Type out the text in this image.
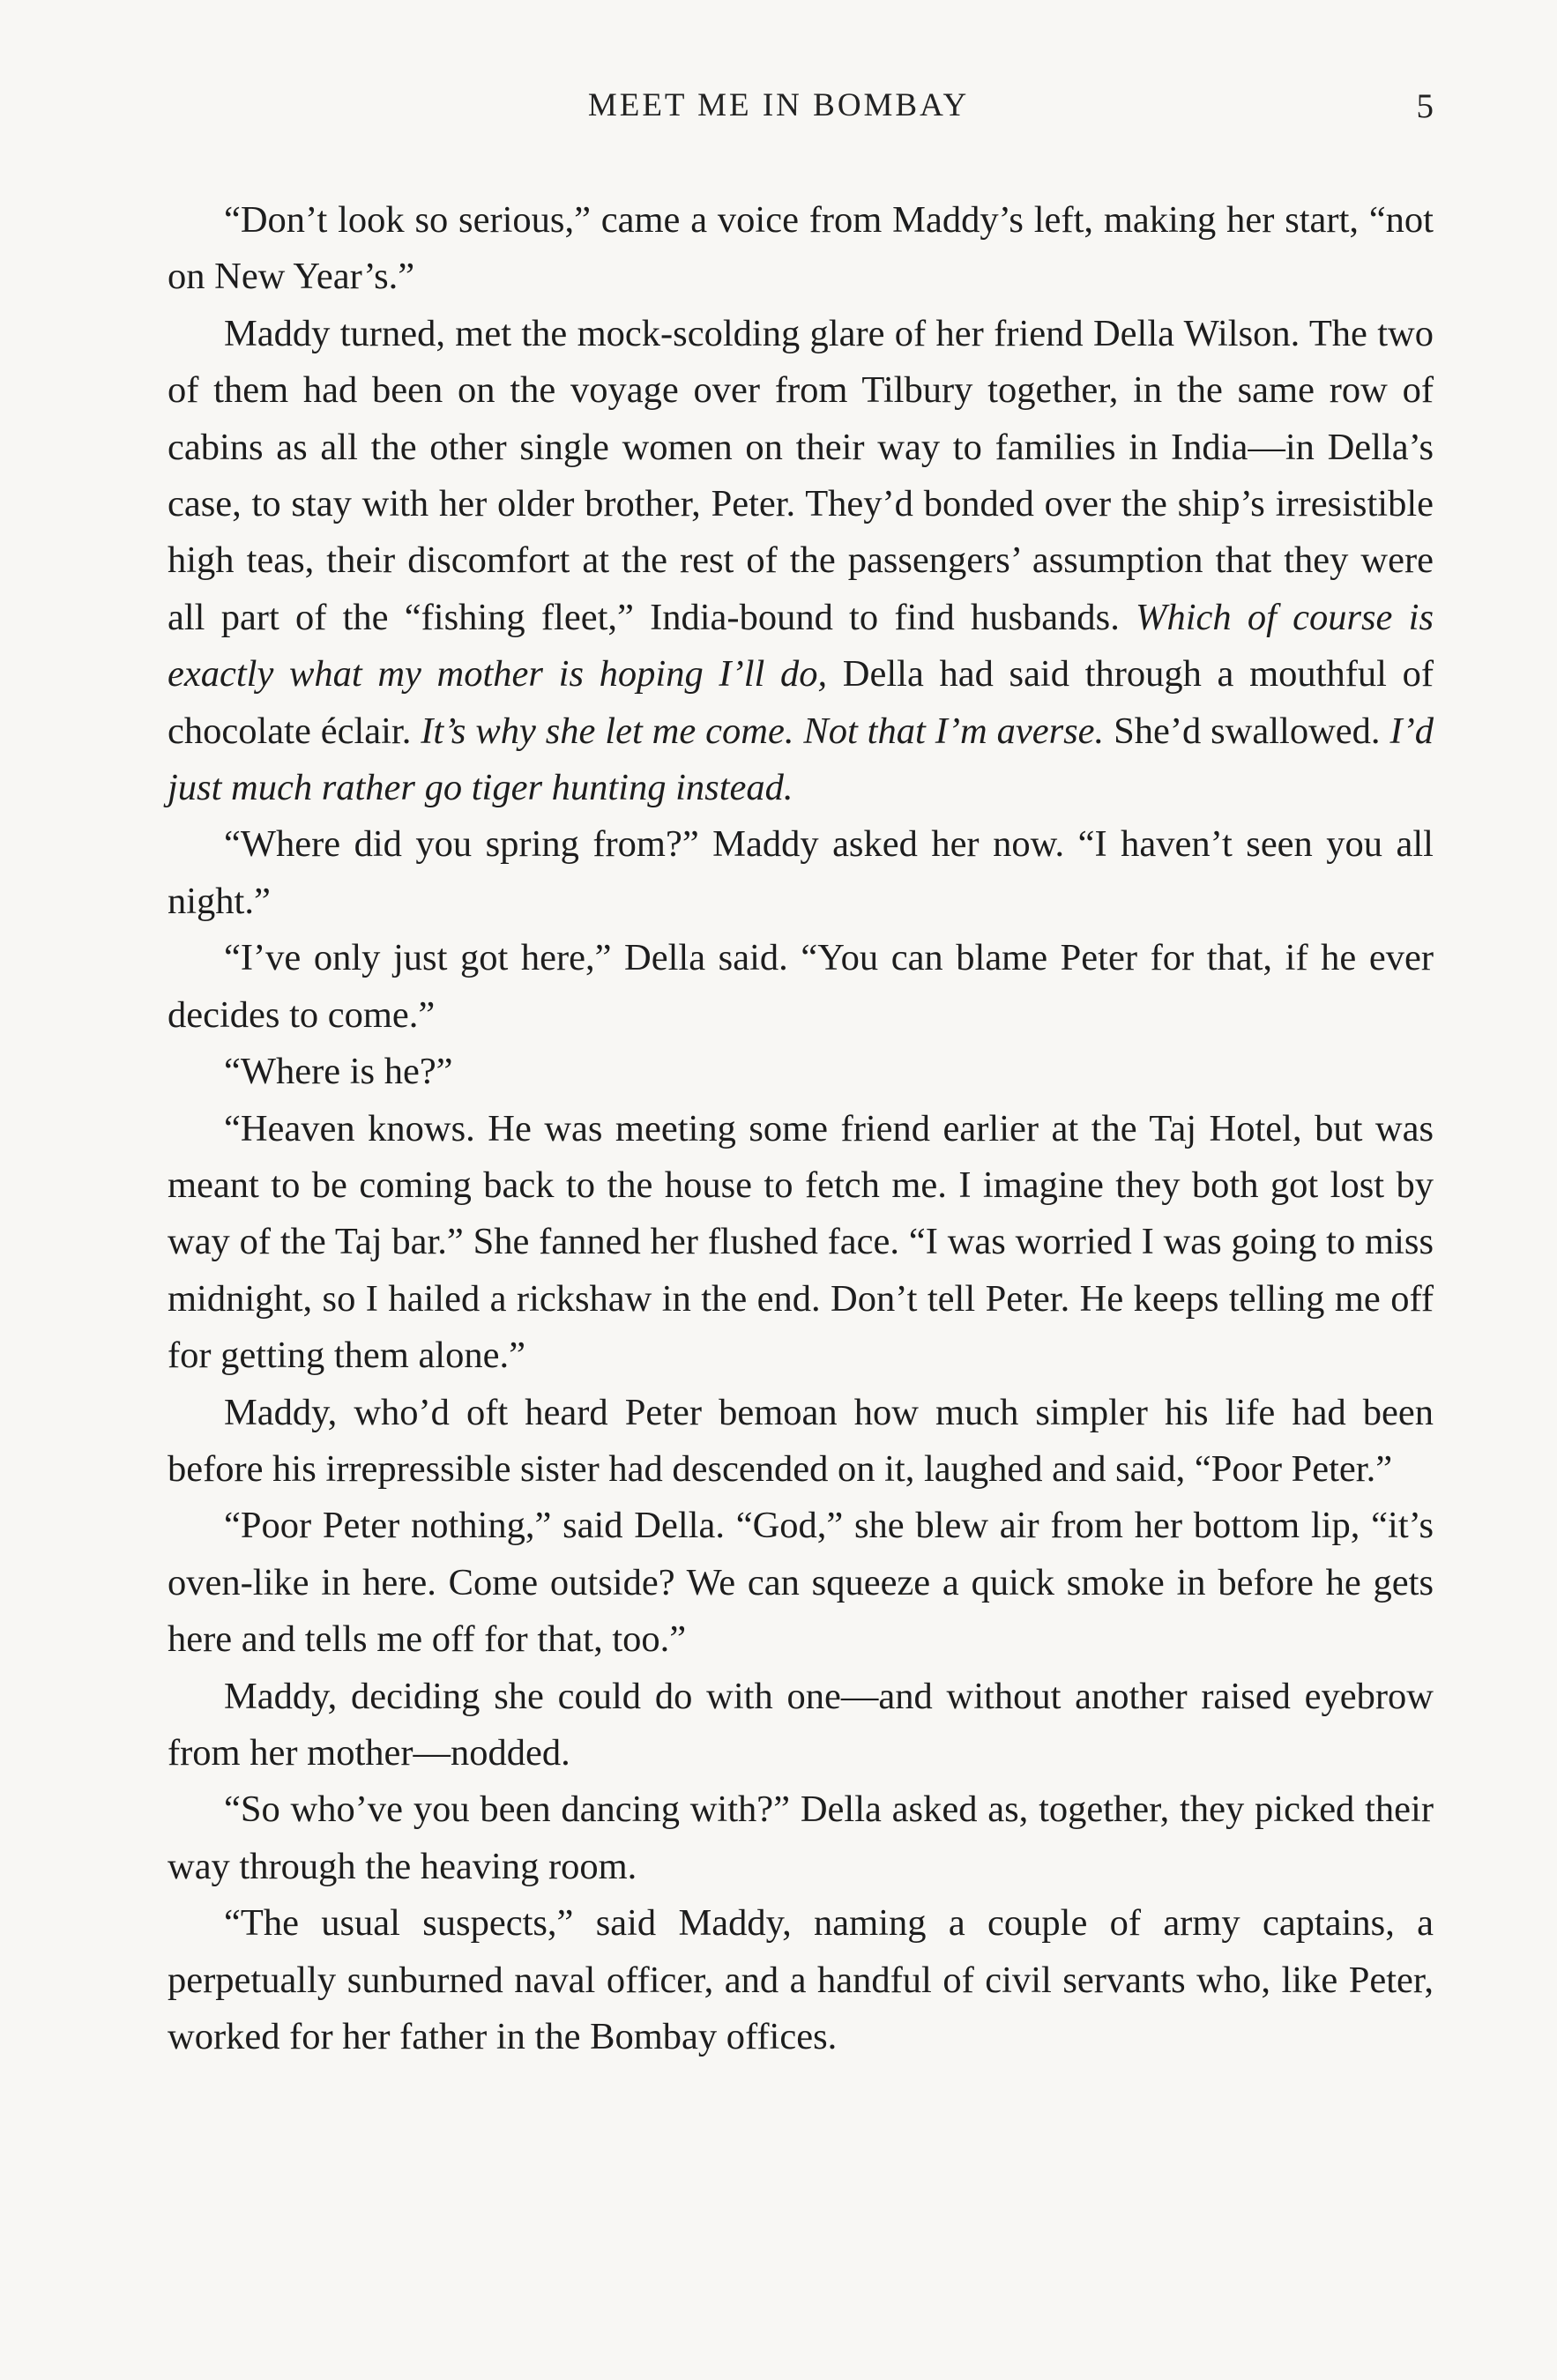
MEET ME IN BOMBAY	5

“Don’t look so serious,” came a voice from Maddy’s left, making her start, “not on New Year’s.”

Maddy turned, met the mock-scolding glare of her friend Della Wilson. The two of them had been on the voyage over from Tilbury together, in the same row of cabins as all the other single women on their way to families in India—in Della’s case, to stay with her older brother, Peter. They’d bonded over the ship’s irresistible high teas, their discomfort at the rest of the passengers’ assumption that they were all part of the “fishing fleet,” India-bound to find husbands. Which of course is exactly what my mother is hoping I’ll do, Della had said through a mouthful of chocolate éclair. It’s why she let me come. Not that I’m averse. She’d swallowed. I’d just much rather go tiger hunting instead.

“Where did you spring from?” Maddy asked her now. “I haven’t seen you all night.”

“I’ve only just got here,” Della said. “You can blame Peter for that, if he ever decides to come.”

“Where is he?”

“Heaven knows. He was meeting some friend earlier at the Taj Hotel, but was meant to be coming back to the house to fetch me. I imagine they both got lost by way of the Taj bar.” She fanned her flushed face. “I was worried I was going to miss midnight, so I hailed a rickshaw in the end. Don’t tell Peter. He keeps telling me off for getting them alone.”

Maddy, who’d oft heard Peter bemoan how much simpler his life had been before his irrepressible sister had descended on it, laughed and said, “Poor Peter.”

“Poor Peter nothing,” said Della. “God,” she blew air from her bottom lip, “it’s oven-like in here. Come outside? We can squeeze a quick smoke in before he gets here and tells me off for that, too.”

Maddy, deciding she could do with one—and without another raised eyebrow from her mother—nodded.

“So who’ve you been dancing with?” Della asked as, together, they picked their way through the heaving room.

“The usual suspects,” said Maddy, naming a couple of army captains, a perpetually sunburned naval officer, and a handful of civil servants who, like Peter, worked for her father in the Bombay offices.
